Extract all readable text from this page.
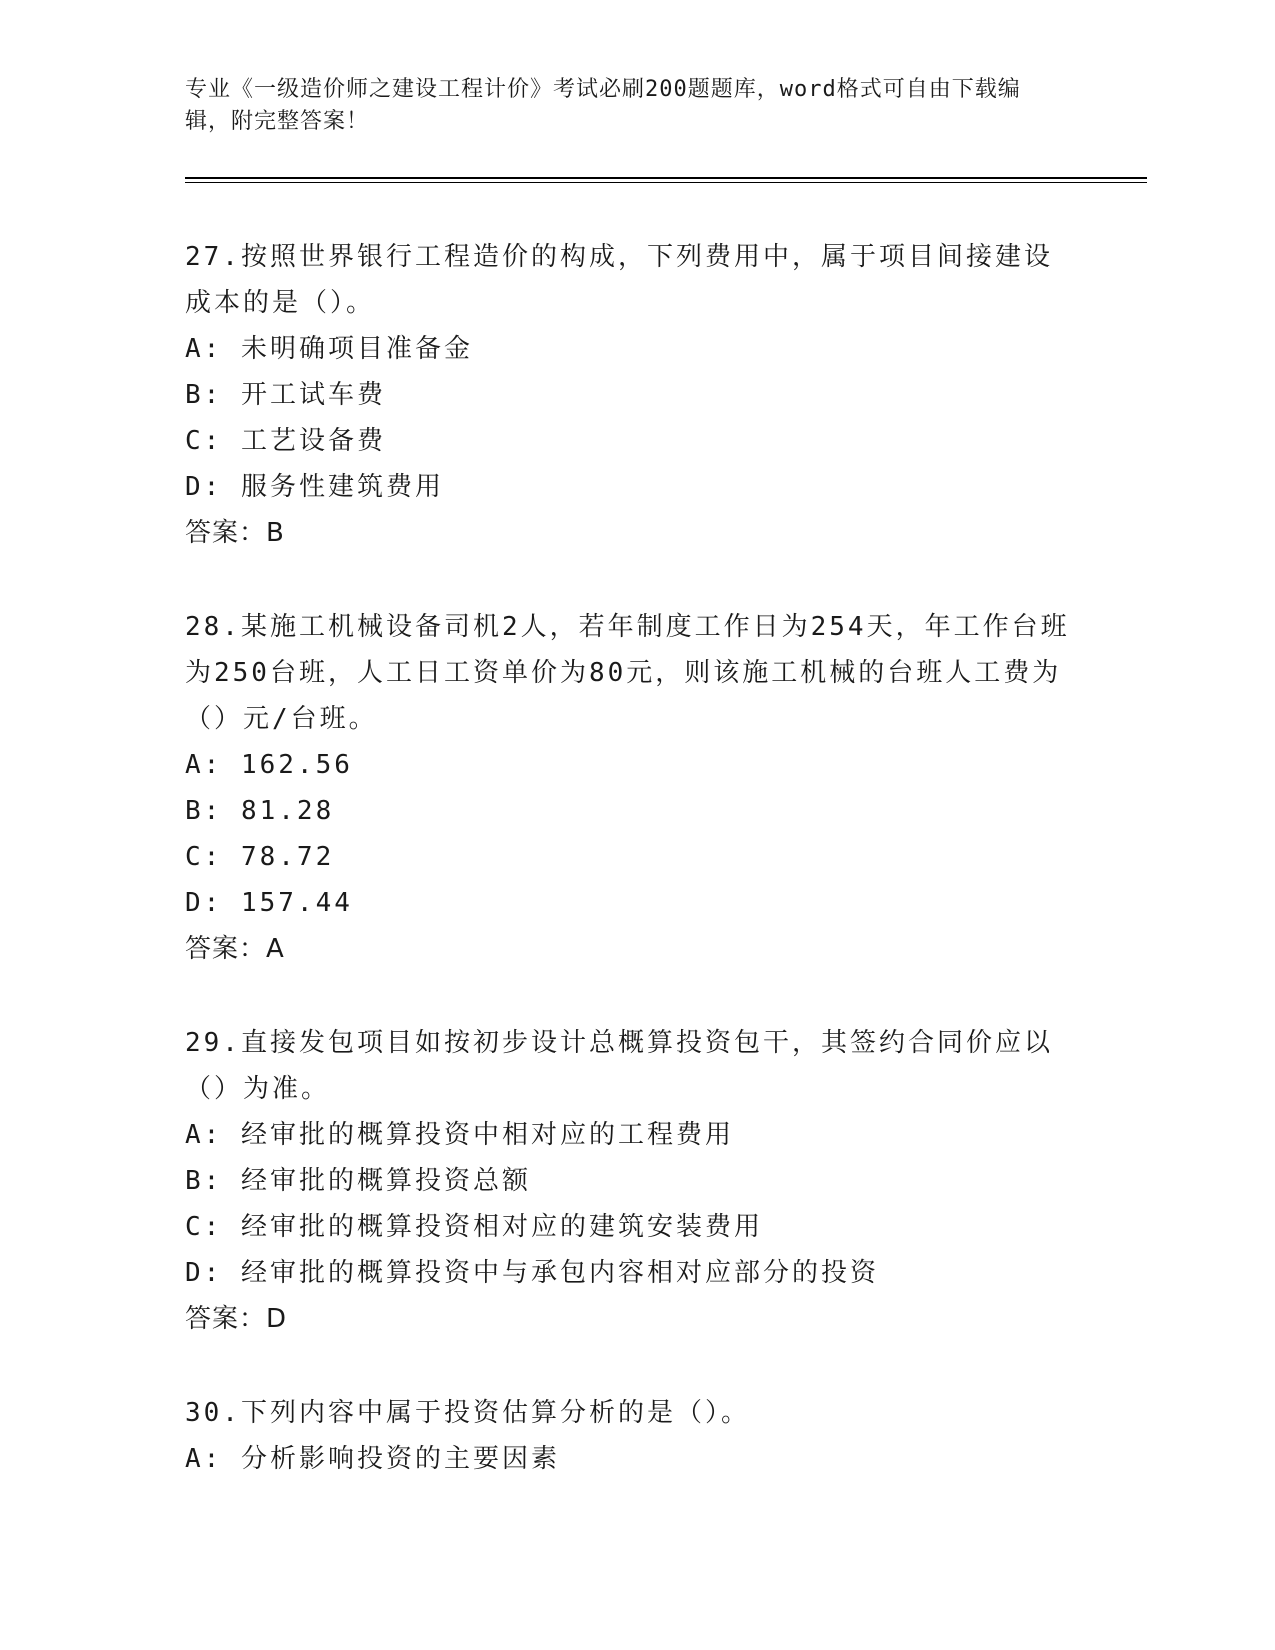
专业《一级造价师之建设工程计价》考试必刷200题题库，word格式可自由下载编辑，附完整答案！

27.按照世界银行工程造价的构成，下列费用中，属于项目间接建设成本的是（）。

A: 未明确项目准备金

B: 开工试车费

C: 工艺设备费

D: 服务性建筑费用

答案：B

28.某施工机械设备司机2人，若年制度工作日为254天，年工作台班为250台班，人工日工资单价为80元，则该施工机械的台班人工费为（）元/台班。

A: 162.56

B: 81.28

C: 78.72

D: 157.44

答案：A

29.直接发包项目如按初步设计总概算投资包干，其签约合同价应以（）为准。

A: 经审批的概算投资中相对应的工程费用

B: 经审批的概算投资总额

C: 经审批的概算投资相对应的建筑安装费用

D: 经审批的概算投资中与承包内容相对应部分的投资

答案：D

30.下列内容中属于投资估算分析的是（）。

A: 分析影响投资的主要因素
